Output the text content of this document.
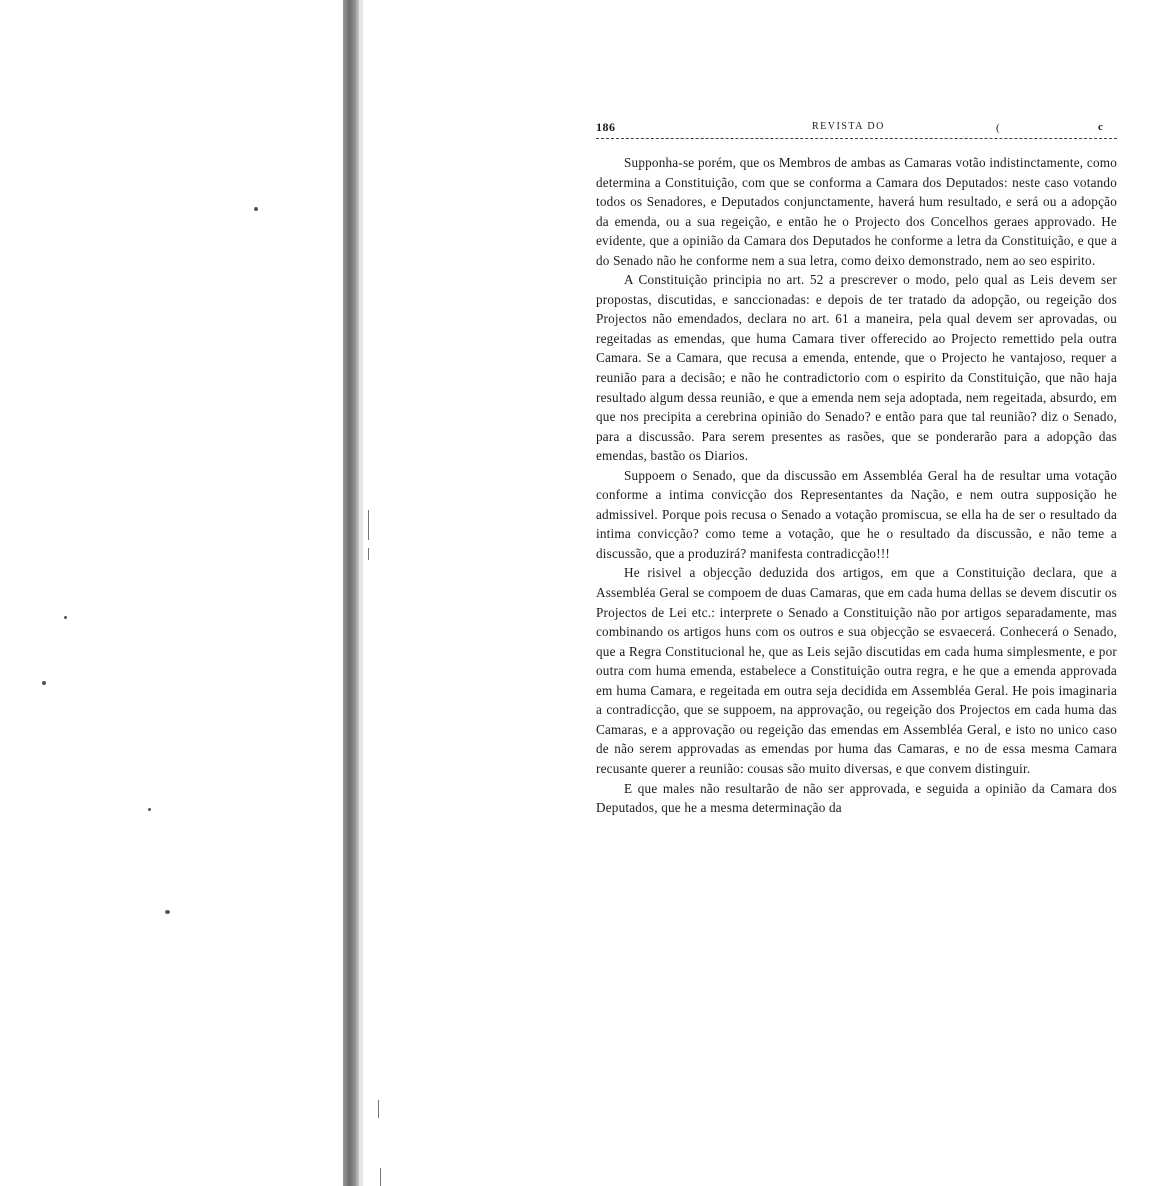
186	REVISTA DO	(	c

Supponha-se porém, que os Membros de ambas as Camaras votão indistinctamente, como determina a Constituição, com que se conforma a Camara dos Deputados: neste caso votando todos os Senadores, e Deputados conjunctamente, haverá hum resultado, e será ou a adopção da emenda, ou a sua regeição, e então he o Projecto dos Concelhos geraes approvado. He evidente, que a opinião da Camara dos Deputados he conforme a letra da Constituição, e que a do Senado não he conforme nem a sua letra, como deixo demonstrado, nem ao seo espirito.

A Constituição principia no art. 52 a prescrever o modo, pelo qual as Leis devem ser propostas, discutidas, e sanccionadas: e depois de ter tratado da adopção, ou regeição dos Projectos não emendados, declara no art. 61 a maneira, pela qual devem ser aprovadas, ou regeitadas as emendas, que huma Camara tiver offerecido ao Projecto remettido pela outra Camara. Se a Camara, que recusa a emenda, entende, que o Projecto he vantajoso, requer a reunião para a decisão; e não he contradictorio com o espirito da Constituição, que não haja resultado algum dessa reunião, e que a emenda nem seja adoptada, nem regeitada, absurdo, em que nos precipita a cerebrina opinião do Senado? e então para que tal reunião? diz o Senado, para a discussão. Para serem presentes as rasões, que se ponderarão para a adopção das emendas, bastão os Diarios.

Suppoem o Senado, que da discussão em Assembléa Geral ha de resultar uma votação conforme a intima convicção dos Representantes da Nação, e nem outra supposição he admissivel. Porque pois recusa o Senado a votação promiscua, se ella ha de ser o resultado da intima convicção? como teme a votação, que he o resultado da discussão, e não teme a discussão, que a produzirá? manifesta contradicção!!!

He risivel a objecção deduzida dos artigos, em que a Constituição declara, que a Assembléa Geral se compoem de duas Camaras, que em cada huma dellas se devem discutir os Projectos de Lei etc.: interprete o Senado a Constituição não por artigos separadamente, mas combinando os artigos huns com os outros e sua objecção se esvaecerá. Conhecerá o Senado, que a Regra Constitucional he, que as Leis sejão discutidas em cada huma simplesmente, e por outra com huma emenda, estabelece a Constituição outra regra, e he que a emenda approvada em huma Camara, e regeitada em outra seja decidida em Assembléa Geral. He pois imaginaria a contradicção, que se suppoem, na approvação, ou regeição dos Projectos em cada huma das Camaras, e a approvação ou regeição das emendas em Assembléa Geral, e isto no unico caso de não serem approvadas as emendas por huma das Camaras, e no de essa mesma Camara recusante querer a reunião: cousas são muito diversas, e que convem distinguir.

E que males não resultarão de não ser approvada, e seguida a opinião da Camara dos Deputados, que he a mesma determinação da
